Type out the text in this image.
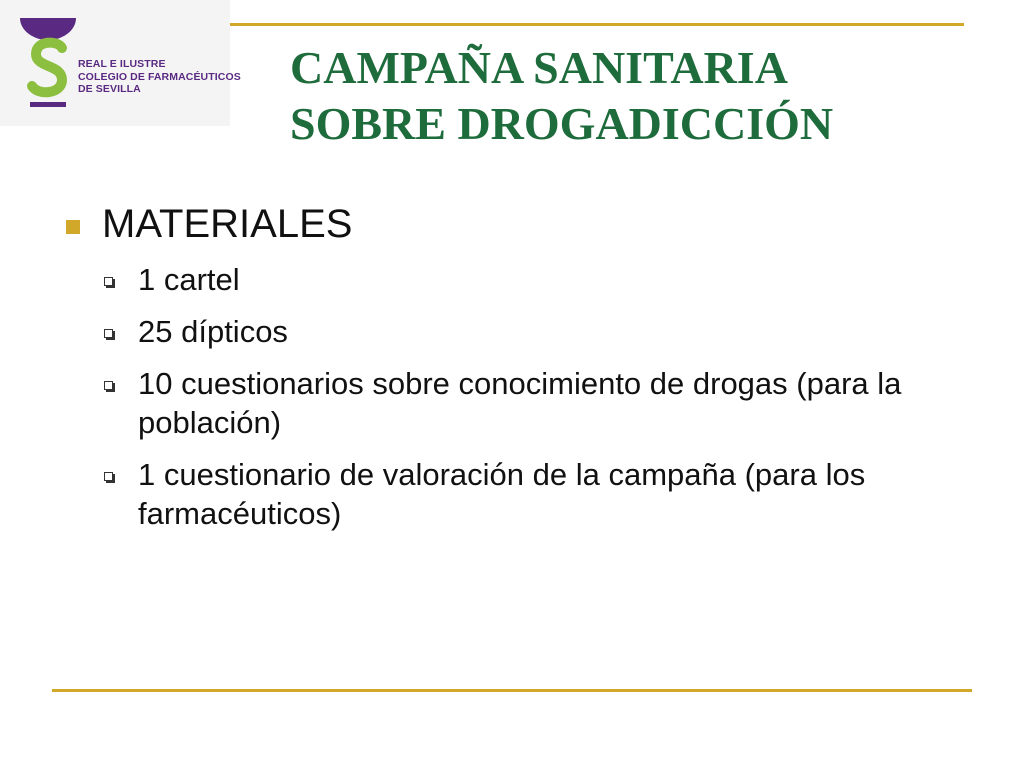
REAL E ILUSTRE
COLEGIO DE FARMACÉUTICOS
DE SEVILLA	CAMPAÑA SANITARIA
SOBRE DROGADICCIÓN
MATERIALES
1 cartel
25 dípticos
10 cuestionarios sobre conocimiento de drogas (para la población)
1 cuestionario de valoración de la campaña (para los farmacéuticos)
